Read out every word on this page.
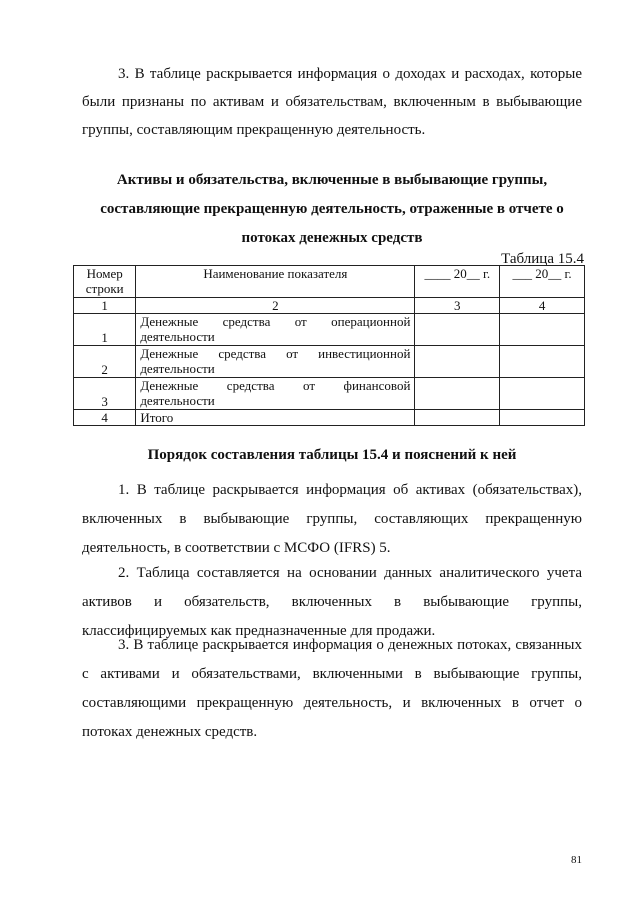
3. В таблице раскрывается информация о доходах и расходах, которые были признаны по активам и обязательствам, включенным в выбывающие группы, составляющим прекращенную деятельность.

Активы и обязательства, включенные в выбывающие группы,

составляющие прекращенную деятельность, отраженные в отчете о

потоках денежных средств

Таблица 15.4
Номер строки	Наименование показателя	____ 20__ г.	___ 20__ г.
1	2	3	4
1	Денежные средства от операционной деятельности		

2	Денежные средства от инвестиционной деятельности		

3	Денежные средства от финансовой деятельности		

4	Итого		

Порядок составления таблицы 15.4 и пояснений к ней

1. В таблице раскрывается информация об активах (обязательствах), включенных в выбывающие группы, составляющих прекращенную деятельность, в соответствии с МСФО (IFRS) 5.

2. Таблица составляется на основании данных аналитического учета активов и обязательств, включенных в выбывающие группы, классифицируемых как предназначенные для продажи.

3. В таблице раскрывается информация о денежных потоках, связанных с активами и обязательствами, включенными в выбывающие группы, составляющими прекращенную деятельность, и включенных в отчет о потоках денежных средств.

81
